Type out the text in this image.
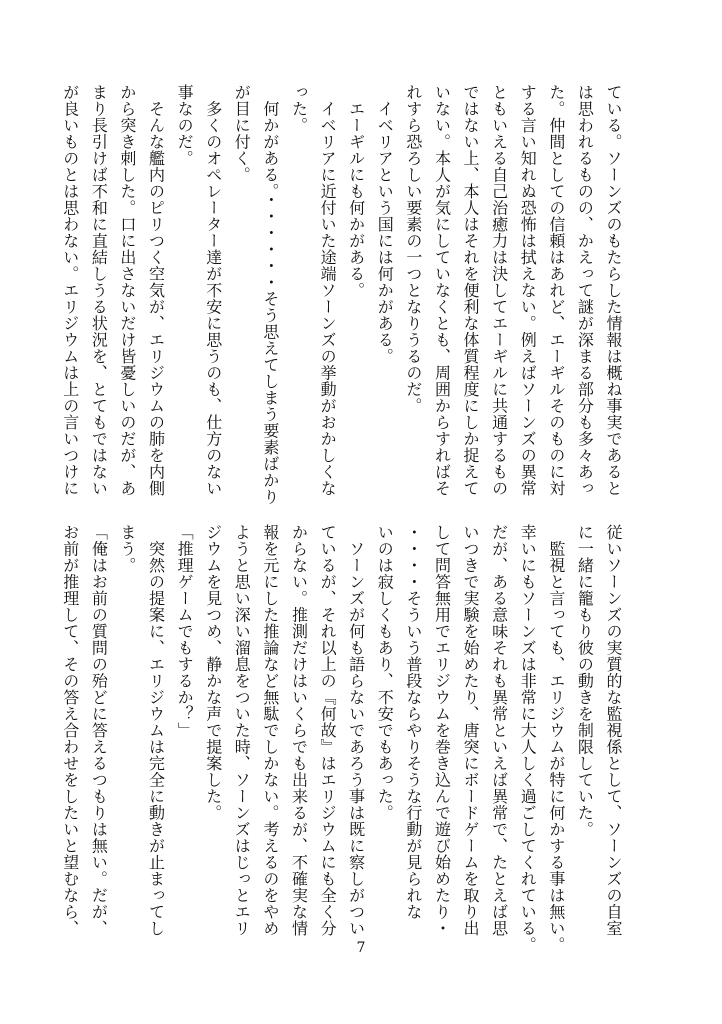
ている。ソーンズのもたらした情報は概ね事実であると

は思われるものの、かえって謎が深まる部分も多々あっ

た。仲間としての信頼はあれど、エーギルそのものに対

する言い知れぬ恐怖は拭えない。例えばソーンズの異常

ともいえる自己治癒力は決してエーギルに共通するもの

ではない上、本人はそれを便利な体質程度にしか捉えて

いない。本人が気にしていなくとも、周囲からすればそ

れすら恐ろしい要素の一つとなりうるのだ。

　イベリアという国には何かがある。

　エーギルにも何かがある。

　イベリアに近付いた途端ソーンズの挙動がおかしくな

った。

　何かがある。・・・・・・そう思えてしまう要素ばかり

が目に付く。

　多くのオペレーター達が不安に思うのも、仕方のない

事なのだ。

　そんな艦内のピリつく空気が、エリジウムの肺を内側

から突き刺した。口に出さないだけ皆憂しいのだが、あ

まり長引けば不和に直結しうる状況を、とてもではない

が良いものとは思わない。エリジウムは上の言いつけに

従いソーンズの実質的な監視係として、ソーンズの自室

に一緒に籠もり彼の動きを制限していた。

　監視と言っても、エリジウムが特に何かする事は無い。

幸いにもソーンズは非常に大人しく過ごしてくれている。

だが、ある意味それも異常といえば異常で、たとえば思

いつきで実験を始めたり、唐突にボードゲームを取り出

して問答無用でエリジウムを巻き込んで遊び始めたり・

・・・・そういう普段ならやりそうな行動が見られな

いのは寂しくもあり、不安でもあった。

　ソーンズが何も語らないであろう事は既に察しがつい

ているが、それ以上の『何故』はエリジウムにも全く分

からない。推測だけはいくらでも出来るが、不確実な情

報を元にした推論など無駄でしかない。考えるのをやめ

ようと思い深い溜息をついた時、ソーンズはじっとエリ

ジウムを見つめ、静かな声で提案した。

「推理ゲームでもするか？」

　突然の提案に、エリジウムは完全に動きが止まってし

まう。

「俺はお前の質問の殆どに答えるつもりは無い。だが、

お前が推理して、その答え合わせをしたいと望むなら、

7
